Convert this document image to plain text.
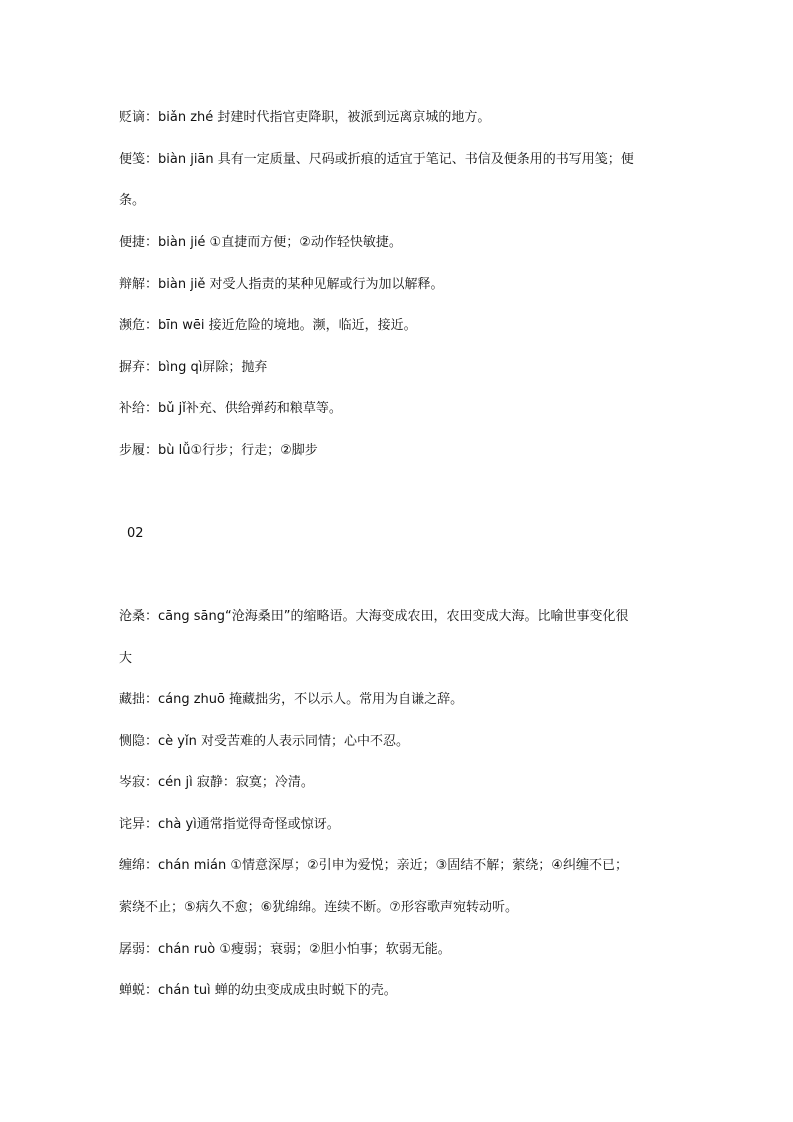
贬谪：biǎn zhé 封建时代指官吏降职，被派到远离京城的地方。

便笺：biàn jiān 具有一定质量、尺码或折痕的适宜于笔记、书信及便条用的书写用笺；便

条。

便捷：biàn jié ①直捷而方便；②动作轻快敏捷。

辩解：biàn jiě 对受人指责的某种见解或行为加以解释。

濒危：bīn wēi 接近危险的境地。濒，临近，接近。

摒弃：bìng qì屏除；抛弃

补给：bǔ jǐ补充、供给弹药和粮草等。

步履：bù lǚ①行步；行走；②脚步

02

沧桑：cāng sāng“沧海桑田”的缩略语。大海变成农田，农田变成大海。比喻世事变化很

大

藏拙：cáng zhuō 掩藏拙劣，不以示人。常用为自谦之辞。

恻隐：cè yǐn 对受苦难的人表示同情；心中不忍。

岑寂：cén jì 寂静：寂寞；冷清。

诧异：chà yì通常指觉得奇怪或惊讶。

缠绵：chán mián ①情意深厚；②引申为爱悦；亲近；③固结不解；萦绕；④纠缠不已；

萦绕不止；⑤病久不愈；⑥犹绵绵。连续不断。⑦形容歌声宛转动听。

孱弱：chán ruò ①瘦弱；衰弱；②胆小怕事；软弱无能。

蝉蜕：chán tuì 蝉的幼虫变成成虫时蜕下的壳。
